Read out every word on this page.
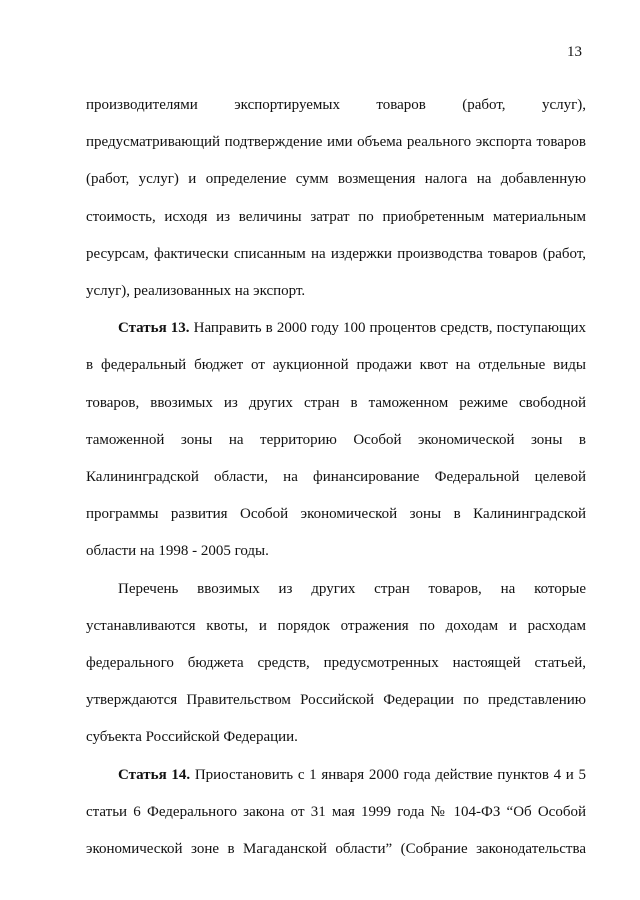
13
производителями экспортируемых товаров (работ, услуг),
предусматривающий подтверждение ими объема реального экспорта товаров
(работ, услуг) и определение сумм возмещения налога на добавленную
стоимость, исходя из величины затрат по приобретенным материальным
ресурсам, фактически списанным на издержки производства товаров (работ,
услуг), реализованных на экспорт.
Статья 13. Направить в 2000 году 100 процентов средств, поступающих
в федеральный бюджет от аукционной продажи квот на отдельные виды
товаров, ввозимых из других стран в таможенном режиме свободной
таможенной зоны на территорию Особой экономической зоны в
Калининградской области, на финансирование Федеральной целевой
программы развития Особой экономической зоны в Калининградской
области на 1998 - 2005 годы.
Перечень ввозимых из других стран товаров, на которые
устанавливаются квоты, и порядок отражения по доходам и расходам
федерального бюджета средств, предусмотренных настоящей статьей,
утверждаются Правительством Российской Федерации по представлению
субъекта Российской Федерации.
Статья 14. Приостановить с 1 января 2000 года действие пунктов 4 и 5
статьи 6 Федерального закона от 31 мая 1999 года № 104-ФЗ “Об Особой
экономической зоне в Магаданской области” (Собрание законодательства
